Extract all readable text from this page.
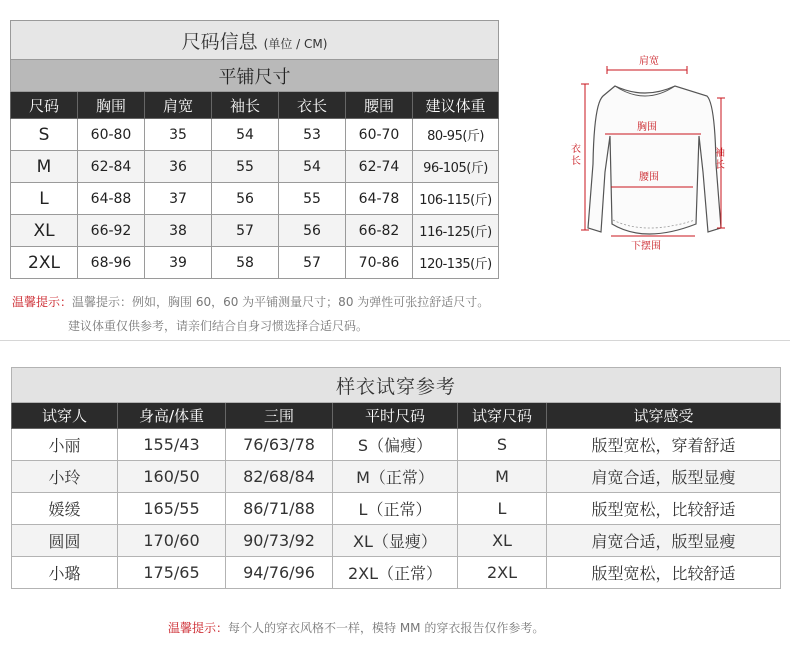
尺码信息 (单位 / CM)						
平铺尺寸						
尺码	胸围	肩宽	袖长	衣长	腰围	建议体重
S	60-80	35	54	53	60-70	80-95(斤)
M	62-84	36	55	54	62-74	96-105(斤)
L	64-88	37	56	55	64-78	106-115(斤)
XL	66-92	38	57	56	66-82	116-125(斤)
2XL	68-96	39	58	57	70-86	120-135(斤)
肩宽
胸围
腰围
下摆围
衣
长
袖
长
温馨提示：温馨提示：例如，胸围 60，60 为平铺测量尺寸；80 为弹性可张拉舒适尺寸。
建议体重仅供参考，请亲们结合自身习惯选择合适尺码。
样衣试穿参考					
试穿人	身高/体重	三围	平时尺码	试穿尺码	试穿感受
小丽	155/43	76/63/78	S（偏瘦）	S	版型宽松，穿着舒适
小玲	160/50	82/68/84	M（正常）	M	肩宽合适，版型显瘦
媛缓	165/55	86/71/88	L（正常）	L	版型宽松，比较舒适
圆圆	170/60	90/73/92	XL（显瘦）	XL	肩宽合适，版型显瘦
小璐	175/65	94/76/96	2XL（正常）	2XL	版型宽松，比较舒适
温馨提示：每个人的穿衣风格不一样，模特 MM 的穿衣报告仅作参考。
